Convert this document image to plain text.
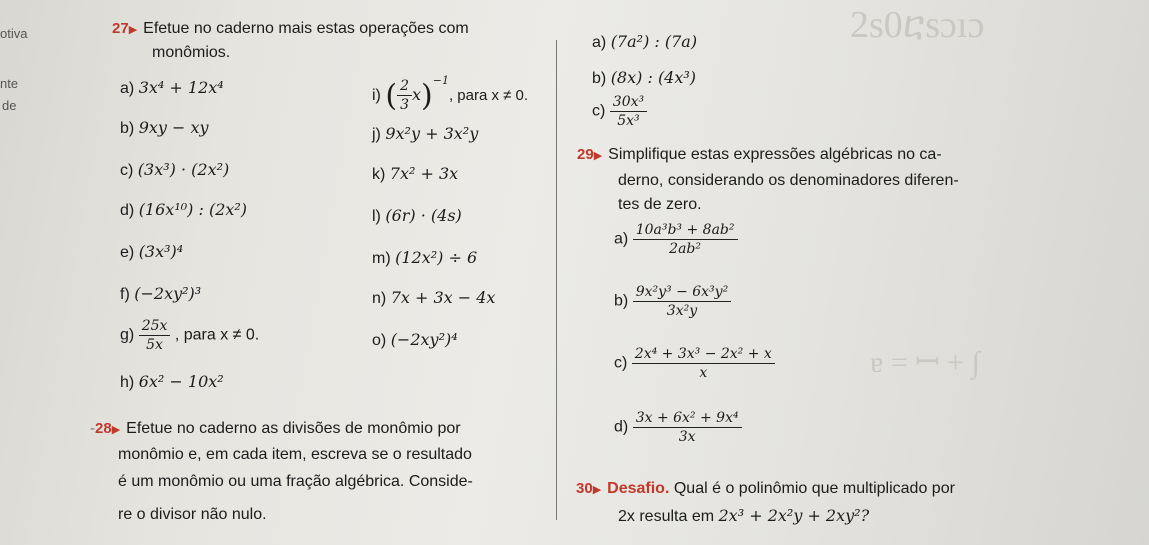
2s0ⴀsɔıɔ
ɐ = ꟷ + ∫
otiva
nte
de
27▶ Efetue no caderno mais estas operações com
monômios.
a) 3x⁴ + 12x⁴
b) 9xy − xy
c) (3x³) · (2x²)
d) (16x¹⁰) : (2x²)
e) (3x³)⁴
f) (−2xy²)³
$g) \frac{25x}{5x}$ , para x ≠ 0.
h) 6x² − 10x²
i) ( $\frac{2}{3} x)^{-1}$, para x ≠ 0.
j) 9x²y + 3x²y
k) 7x² + 3x
l) (6r) · (4s)
m) (12x²) ÷ 6
n) 7x + 3x − 4x
o) (−2xy²)⁴
-28▶ Efetue no caderno as divisões de monômio por
monômio e, em cada item, escreva se o resultado
é um monômio ou uma fração algébrica. Conside-
re o divisor não nulo.
a) (7a²) : (7a)
b) (8x) : (4x³)
$c) \frac{\text{30x³}}{\text{5x³}}$
29▶ Simplifique estas expressões algébricas no ca-
derno, considerando os denominadores diferen-
tes de zero.
$a) \frac{\text{10a³b³ + 8ab²}}{\text{2ab²}}$
$b) \frac{\text{9x²y³ − 6x³y²}}{\text{3x²y}}$
$c) \frac{\text{2x⁴ + 3x³ − 2x² + x}}{x}$
$d) \frac{\text{3x + 6x² + 9x⁴}}{3x}$
30▶ Desafio. Qual é o polinômio que multiplicado por
2x resulta em 2x³ + 2x²y + 2xy²?
